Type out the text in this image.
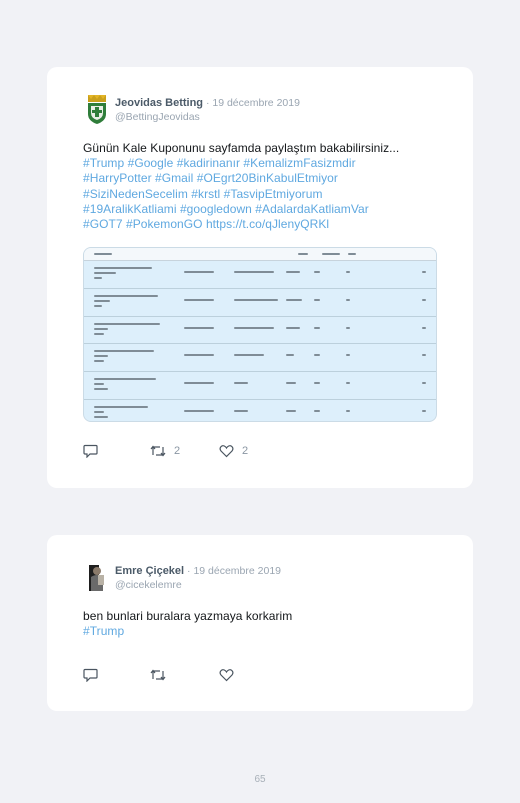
Jeovidas Betting · 19 décembre 2019
@BettingJeovidas
Günün Kale Kuponunu sayfamda paylaştım bakabilirsiniz...
#Trump #Google #kadirinanır #KemalizmFasizmdir
#HarryPotter #Gmail #OEgrt20BinKabulEtmiyor
#SiziNedenSecelim #krstl #TasvipEtmiyorum
#19AralikKatliami #googledown #AdalardaKatliamVar
#GOT7 #PokemonGO https://t.co/qJlenyQRKl
2	2
Emre Çiçekel · 19 décembre 2019
@cicekelemre
ben bunlari buralara yazmaya korkarim
#Trump
65
